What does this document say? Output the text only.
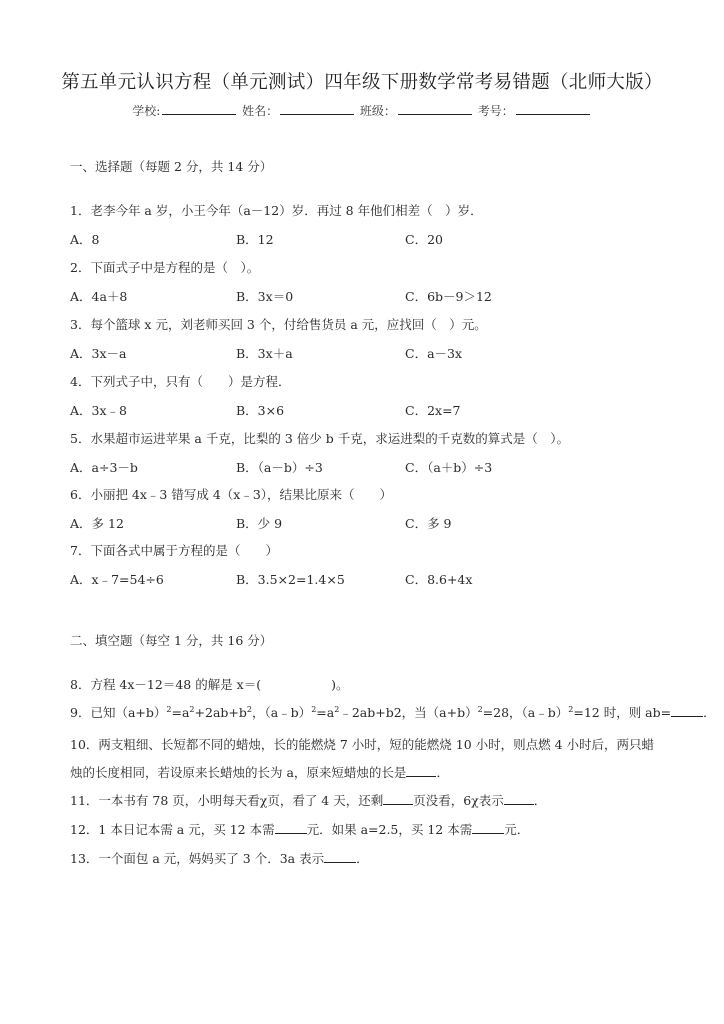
第五单元认识方程（单元测试）四年级下册数学常考易错题（北师大版）
学校:	姓名：	班级：	考号：
一、选择题（每题 2 分，共 14 分）
1．老李今年 a 岁，小王今年（a－12）岁．再过 8 年他们相差（　）岁．
A．8	B．12	C．20
2．下面式子中是方程的是（　）。
A．4a＋8	B．3x＝0	C．6b－9＞12
3．每个篮球 x 元，刘老师买回 3 个，付给售货员 a 元，应找回（　）元。
A．3x－a	B．3x＋a	C．a－3x
4．下列式子中，只有（　　）是方程．
A．3x﹣8	B．3×6	C．2x=7
5．水果超市运进苹果 a 千克，比梨的 3 倍少 b 千克，求运进梨的千克数的算式是（　）。
A．a÷3－b	B．（a－b）÷3	C．（a＋b）÷3
6．小丽把 4x﹣3 错写成 4（x﹣3），结果比原来（　　）
A．多 12	B．少 9	C．多 9
7．下面各式中属于方程的是（　　）
A．x﹣7=54÷6	B．3.5×2=1.4×5	C．8.6+4x
二、填空题（每空 1 分，共 16 分）
8．方程 4x－12＝48 的解是 x＝(	)。
9．已知$(a+b)^2=a^2+2ab+b^2$，$(a﹣b)^2=a^2﹣2ab+b2$，当$(a+b)^2=28$，（a﹣b）$^2$=12 时，则 ab=	．
10．两支粗细、长短都不同的蜡烛，长的能燃烧 7 小时，短的能燃烧 10 小时，则点燃 4 小时后，两只蜡
烛的长度相同，若设原来长蜡烛的长为 a，原来短蜡烛的长是 ．
11．一本书有 78 页，小明每天看χ页，看了 4 天，还剩 页没看，6χ表示 ．
12．1 本日记本需 a 元，买 12 本需	元．如果 a=2.5，买 12 本需	元．
13．一个面包 a 元，妈妈买了 3 个．3a 表示	．
